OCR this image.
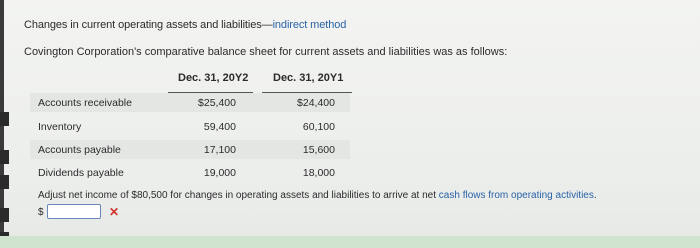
Changes in current operating assets and liabilities—indirect method
Covington Corporation's comparative balance sheet for current assets and liabilities was as follows:
Dec. 31, 20Y2 Dec. 31, 20Y1
Accounts receivable	$25,400	$24,400
Inventory	59,400	60,100
Accounts payable	17,100	15,600
Dividends payable	19,000	18,000
Adjust net income of $80,500 for changes in operating assets and liabilities to arrive at net cash flows from operating activities.
$	✕
